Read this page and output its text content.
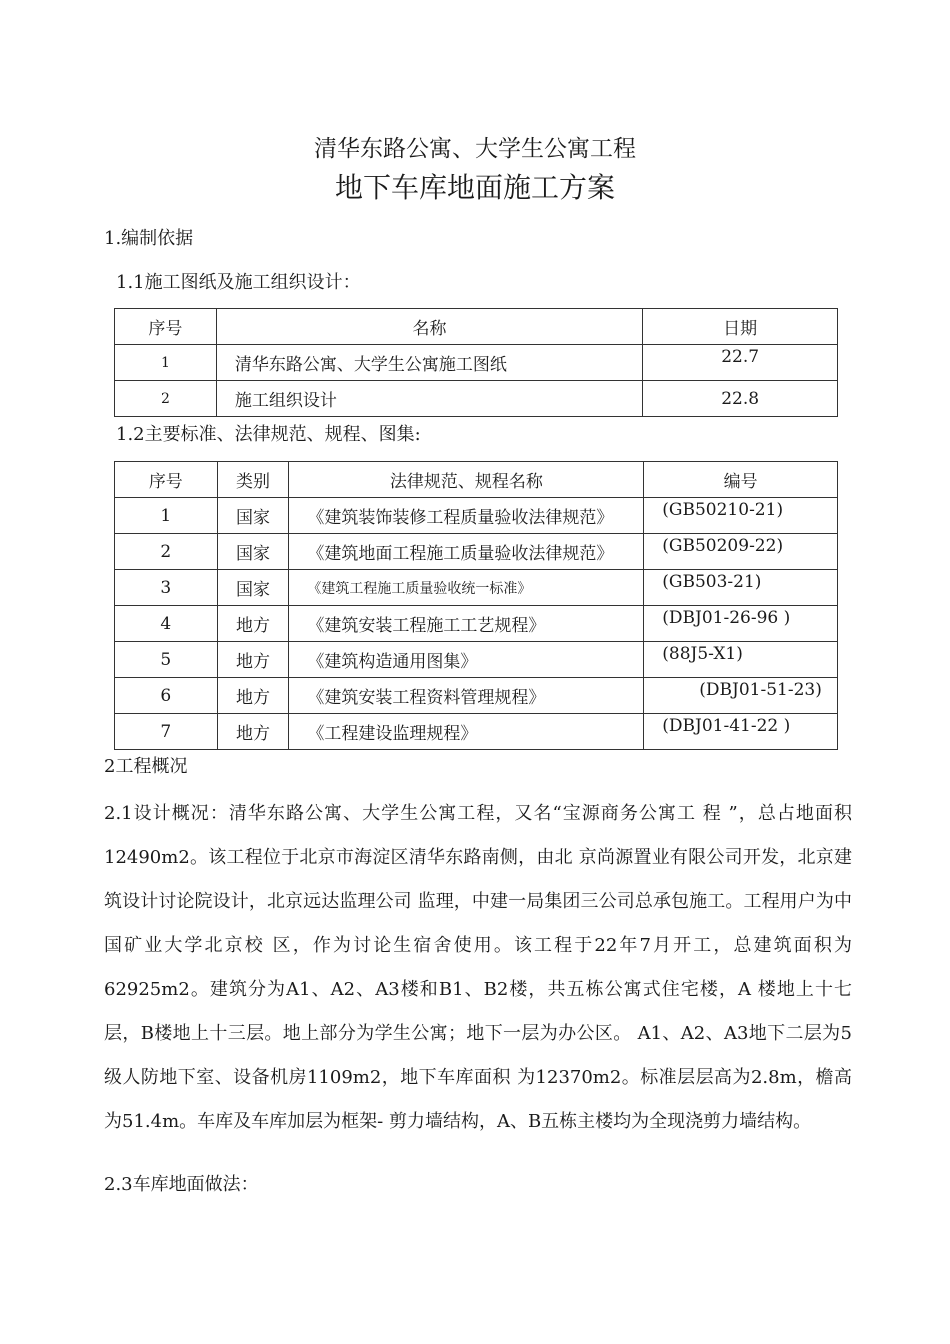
清华东路公寓、大学生公寓工程
地下车库地面施工方案
1.编制依据
1.1施工图纸及施工组织设计：
序号	名称	日期
1	清华东路公寓、大学生公寓施工图纸	22.7
2	施工组织设计	22.8
1.2主要标准、法律规范、规程、图集:
序号	类别	法律规范、规程名称	编号
1	国家	《建筑装饰装修工程质量验收法律规范》	(GB50210-21)
2	国家	《建筑地面工程施工质量验收法律规范》	(GB50209-22)
3	国家	《建筑工程施工质量验收统一标准》	(GB503-21)
4	地方	《建筑安装工程施工工艺规程》	(DBJ01-26-96 )
5	地方	《建筑构造通用图集》	(88J5-X1)
6	地方	《建筑安装工程资料管理规程》	(DBJ01-51-23)
7	地方	《工程建设监理规程》	(DBJ01-41-22 )
2工程概况
2.1设计概况：清华东路公寓、大学生公寓工程，又名“宝源商务公寓工 程 ”，总占地面积12490m2。该工程位于北京市海淀区清华东路南侧，由北 京尚源置业有限公司开发，北京建筑设计讨论院设计，北京远达监理公司 监理，中建一局集团三公司总承包施工。工程用户为中国矿业大学北京校 区，作为讨论生宿舍使用。该工程于22年7月开工，总建筑面积为 62925m2。建筑分为A1、A2、A3楼和B1、B2楼，共五栋公寓式住宅楼，A 楼地上十七层，B楼地上十三层。地上部分为学生公寓；地下一层为办公区。 A1、A2、A3地下二层为5级人防地下室、设备机房1109m2，地下车库面积 为12370m2。标准层层高为2.8m，檐高为51.4m。车库及车库加层为框架- 剪力墙结构，A、B五栋主楼均为全现浇剪力墙结构。
2.3车库地面做法：
